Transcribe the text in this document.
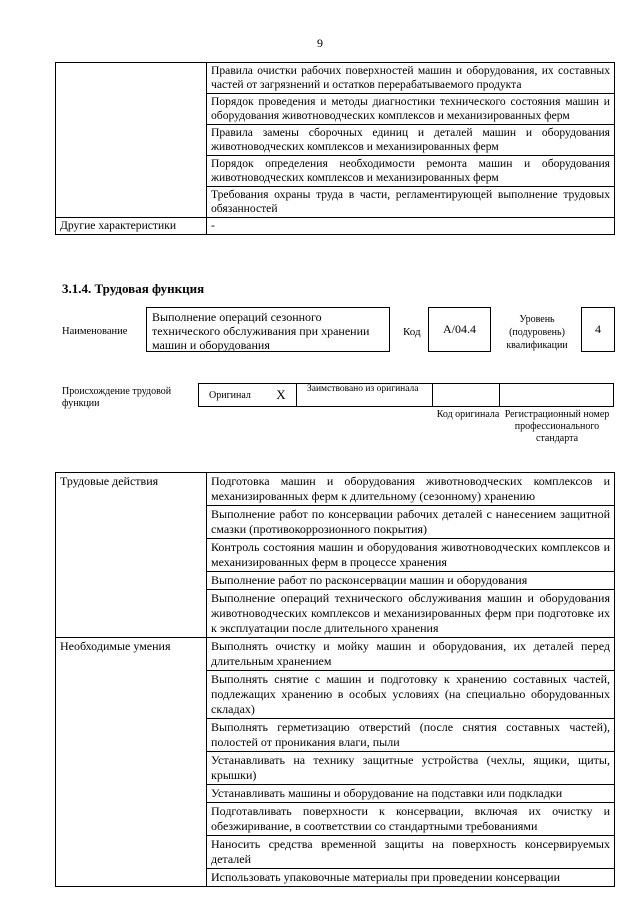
9
	Правила очистки рабочих поверхностей машин и оборудования, их составных частей от загрязнений и остатков перерабатываемого продукта
	Порядок проведения и методы диагностики технического состояния машин и оборудования животноводческих комплексов и механизированных ферм
	Правила замены сборочных единиц и деталей машин и оборудования животноводческих комплексов и механизированных ферм
	Порядок определения необходимости ремонта машин и оборудования животноводческих комплексов и механизированных ферм
	Требования охраны труда в части, регламентирующей выполнение трудовых обязанностей
Другие характеристики	-
3.1.4. Трудовая функция
Наименование
Выполнение операций сезонного технического обслуживания при хранении машин и оборудования
Код	A/04.4
Уровень (подуровень) квалификации
4
Происхождение трудовой функции
Оригинал	X	Заимствовано из оригинала
Код оригинала Регистрационный номер профессионального стандарта
Трудовые действия	Подготовка машин и оборудования животноводческих комплексов и механизированных ферм к длительному (сезонному) хранению
	Выполнение работ по консервации рабочих деталей с нанесением защитной смазки (противокоррозионного покрытия)
	Контроль состояния машин и оборудования животноводческих комплексов и механизированных ферм в процессе хранения
	Выполнение работ по расконсервации машин и оборудования
	Выполнение операций технического обслуживания машин и оборудования животноводческих комплексов и механизированных ферм при подготовке их к эксплуатации после длительного хранения
Необходимые умения	Выполнять очистку и мойку машин и оборудования, их деталей перед длительным хранением
	Выполнять снятие с машин и подготовку к хранению составных частей, подлежащих хранению в особых условиях (на специально оборудованных складах)
	Выполнять герметизацию отверстий (после снятия составных частей), полостей от проникания влаги, пыли
	Устанавливать на технику защитные устройства (чехлы, ящики, щиты, крышки)
	Устанавливать машины и оборудование на подставки или подкладки
	Подготавливать поверхности к консервации, включая их очистку и обезжиривание, в соответствии со стандартными требованиями
	Наносить средства временной защиты на поверхность консервируемых деталей
	Использовать упаковочные материалы при проведении консервации
